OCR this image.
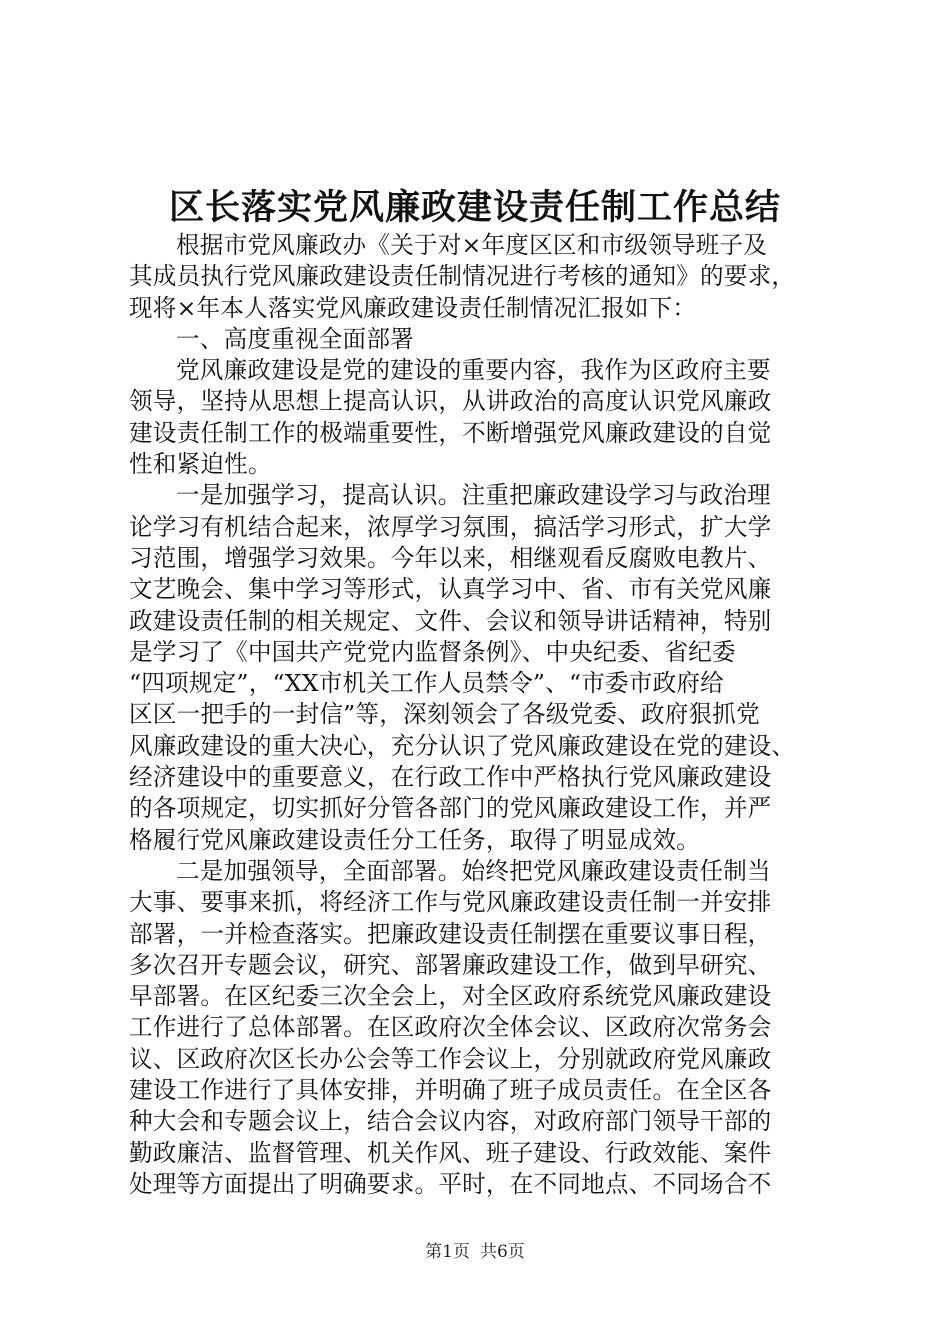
区长落实党风廉政建设责任制工作总结
根据市党风廉政办《关于对×年度区区和市级领导班子及
其成员执行党风廉政建设责任制情况进行考核的通知》的要求，
现将×年本人落实党风廉政建设责任制情况汇报如下：
一、高度重视全面部署
党风廉政建设是党的建设的重要内容，我作为区政府主要
领导，坚持从思想上提高认识，从讲政治的高度认识党风廉政
建设责任制工作的极端重要性，不断增强党风廉政建设的自觉
性和紧迫性。
一是加强学习，提高认识。注重把廉政建设学习与政治理
论学习有机结合起来，浓厚学习氛围，搞活学习形式，扩大学
习范围，增强学习效果。今年以来，相继观看反腐败电教片、
文艺晚会、集中学习等形式，认真学习中、省、市有关党风廉
政建设责任制的相关规定、文件、会议和领导讲话精神，特别
是学习了《中国共产党党内监督条例》、中央纪委、省纪委
“四项规定”，“XX市机关工作人员禁令”、“市委市政府给
区区一把手的一封信”等，深刻领会了各级党委、政府狠抓党
风廉政建设的重大决心，充分认识了党风廉政建设在党的建设、
经济建设中的重要意义，在行政工作中严格执行党风廉政建设
的各项规定，切实抓好分管各部门的党风廉政建设工作，并严
格履行党风廉政建设责任分工任务，取得了明显成效。
二是加强领导，全面部署。始终把党风廉政建设责任制当
大事、要事来抓，将经济工作与党风廉政建设责任制一并安排
部署，一并检查落实。把廉政建设责任制摆在重要议事日程，
多次召开专题会议，研究、部署廉政建设工作，做到早研究、
早部署。在区纪委三次全会上，对全区政府系统党风廉政建设
工作进行了总体部署。在区政府次全体会议、区政府次常务会
议、区政府次区长办公会等工作会议上，分别就政府党风廉政
建设工作进行了具体安排，并明确了班子成员责任。在全区各
种大会和专题会议上，结合会议内容，对政府部门领导干部的
勤政廉洁、监督管理、机关作风、班子建设、行政效能、案件
处理等方面提出了明确要求。平时，在不同地点、不同场合不
第1页 共6页
